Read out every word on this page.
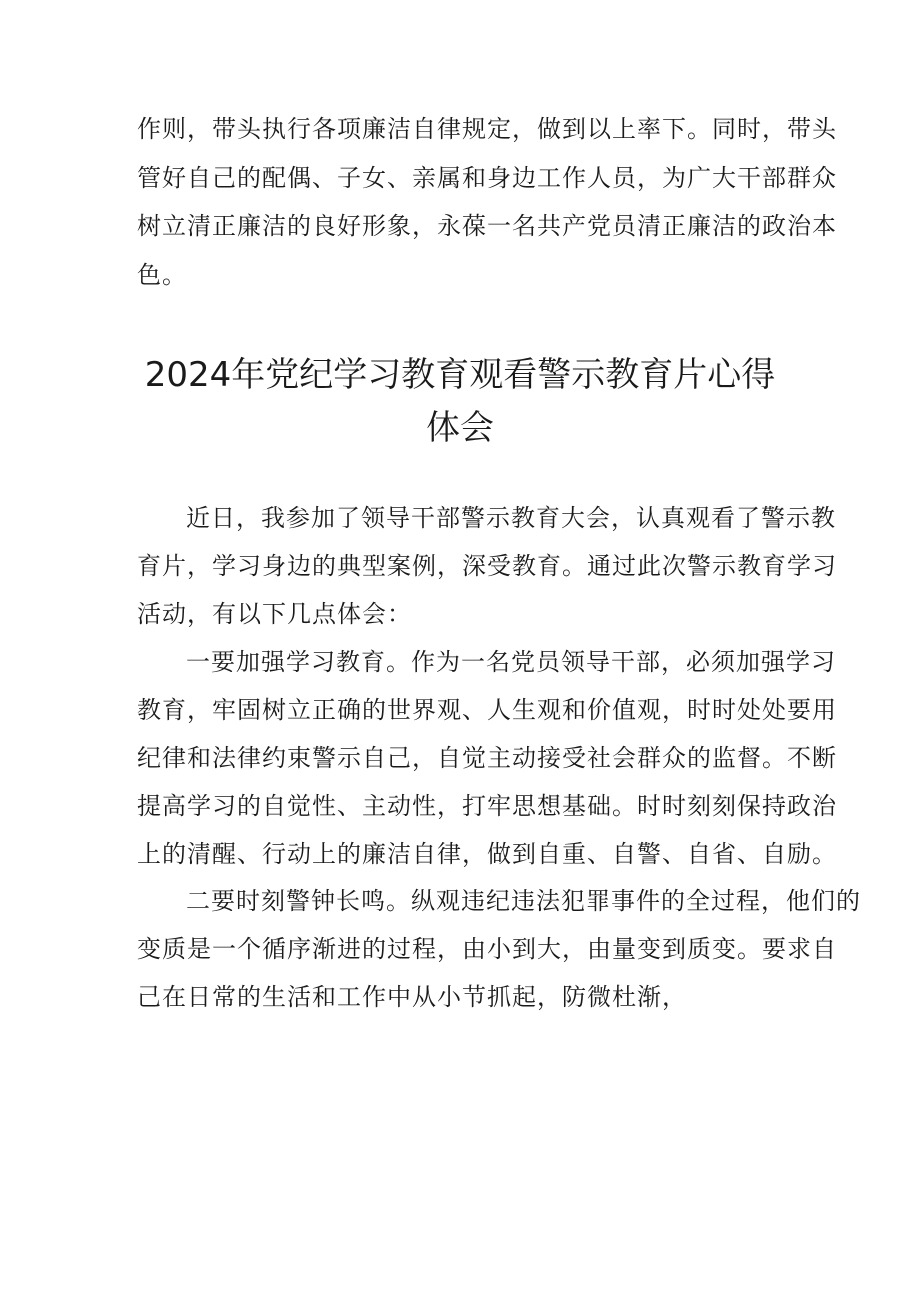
作则，带头执行各项廉洁自律规定，做到以上率下。同时，带头
管好自己的配偶、子女、亲属和身边工作人员，为广大干部群众
树立清正廉洁的良好形象，永葆一名共产党员清正廉洁的政治本
色。
2024年党纪学习教育观看警示教育片心得
体会
近日，我参加了领导干部警示教育大会，认真观看了警示教
育片，学习身边的典型案例，深受教育。通过此次警示教育学习
活动，有以下几点体会：
一要加强学习教育。作为一名党员领导干部，必须加强学习
教育，牢固树立正确的世界观、人生观和价值观，时时处处要用
纪律和法律约束警示自己，自觉主动接受社会群众的监督。不断
提高学习的自觉性、主动性，打牢思想基础。时时刻刻保持政治
上的清醒、行动上的廉洁自律，做到自重、自警、自省、自励。
二要时刻警钟长鸣。纵观违纪违法犯罪事件的全过程，他们的
变质是一个循序渐进的过程，由小到大，由量变到质变。要求自
己在日常的生活和工作中从小节抓起，防微杜渐，
